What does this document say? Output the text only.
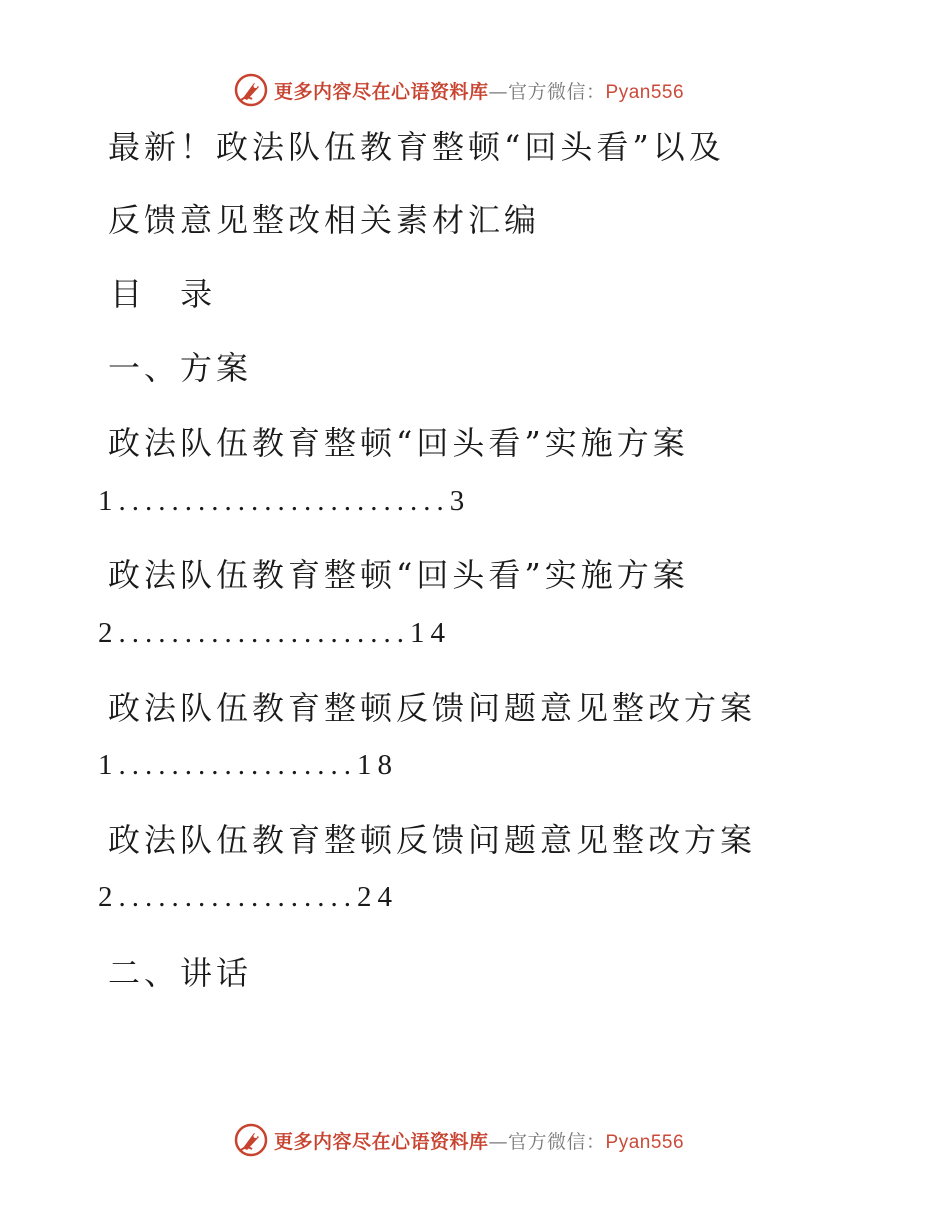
更多内容尽在心语资料库—官方微信：Pyan556
最新！政法队伍教育整顿“回头看”以及
反馈意见整改相关素材汇编
目 录
一、方案
政法队伍教育整顿“回头看”实施方案
1.........................3
政法队伍教育整顿“回头看”实施方案
2......................14
政法队伍教育整顿反馈问题意见整改方案
1..................18
政法队伍教育整顿反馈问题意见整改方案
2..................24
二、讲话
更多内容尽在心语资料库—官方微信：Pyan556
